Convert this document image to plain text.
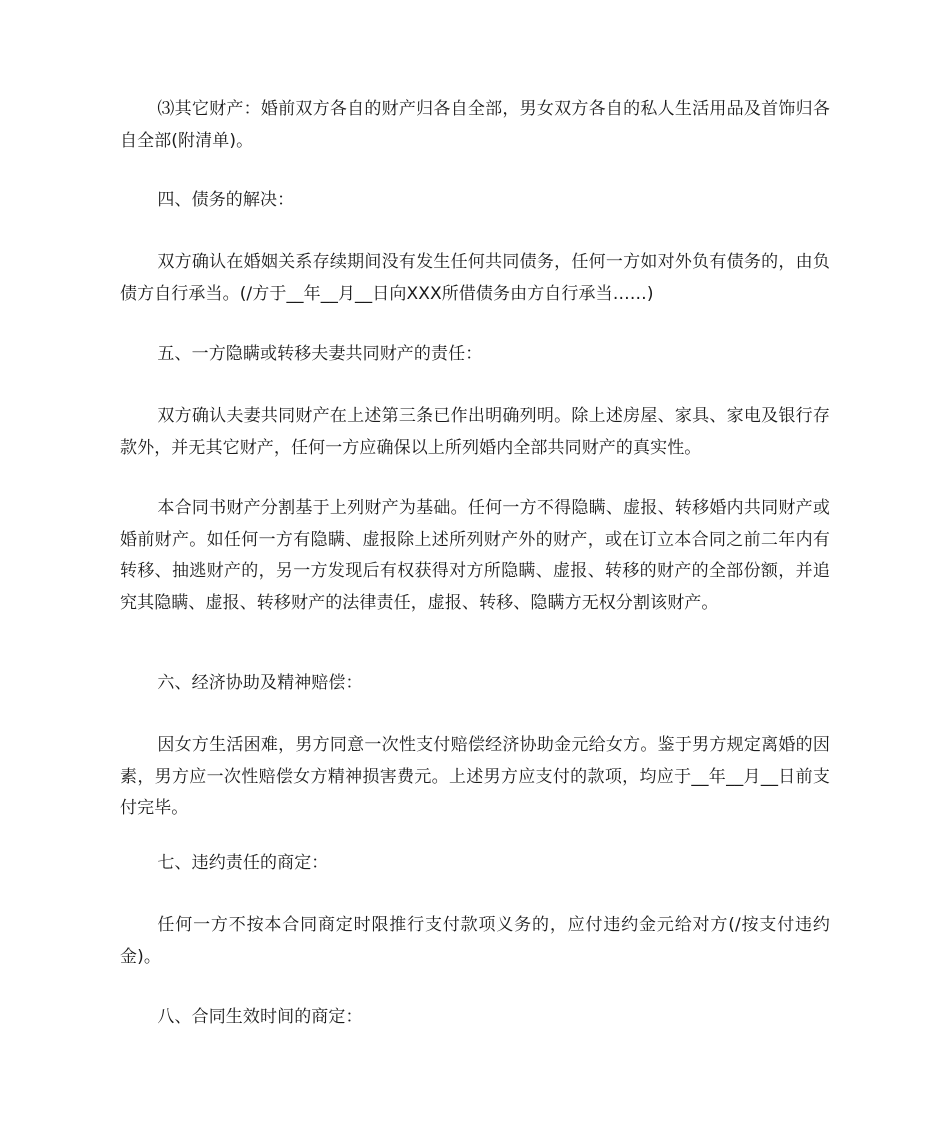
⑶其它财产：婚前双方各自的财产归各自全部，男女双方各自的私人生活用品及首饰归各自全部(附清单)。

四、债务的解决：

双方确认在婚姻关系存续期间没有发生任何共同债务，任何一方如对外负有债务的，由负债方自行承当。(/方于__年__月__日向XXX所借债务由方自行承当……)

五、一方隐瞒或转移夫妻共同财产的责任：

双方确认夫妻共同财产在上述第三条已作出明确列明。除上述房屋、家具、家电及银行存款外，并无其它财产，任何一方应确保以上所列婚内全部共同财产的真实性。

本合同书财产分割基于上列财产为基础。任何一方不得隐瞒、虚报、转移婚内共同财产或婚前财产。如任何一方有隐瞒、虚报除上述所列财产外的财产，或在订立本合同之前二年内有转移、抽逃财产的，另一方发现后有权获得对方所隐瞒、虚报、转移的财产的全部份额，并追究其隐瞒、虚报、转移财产的法律责任，虚报、转移、隐瞒方无权分割该财产。

六、经济协助及精神赔偿：

因女方生活困难，男方同意一次性支付赔偿经济协助金元给女方。鉴于男方规定离婚的因素，男方应一次性赔偿女方精神损害费元。上述男方应支付的款项，均应于__年__月__日前支付完毕。

七、违约责任的商定：

任何一方不按本合同商定时限推行支付款项义务的，应付违约金元给对方(/按支付违约金)。

八、合同生效时间的商定：
